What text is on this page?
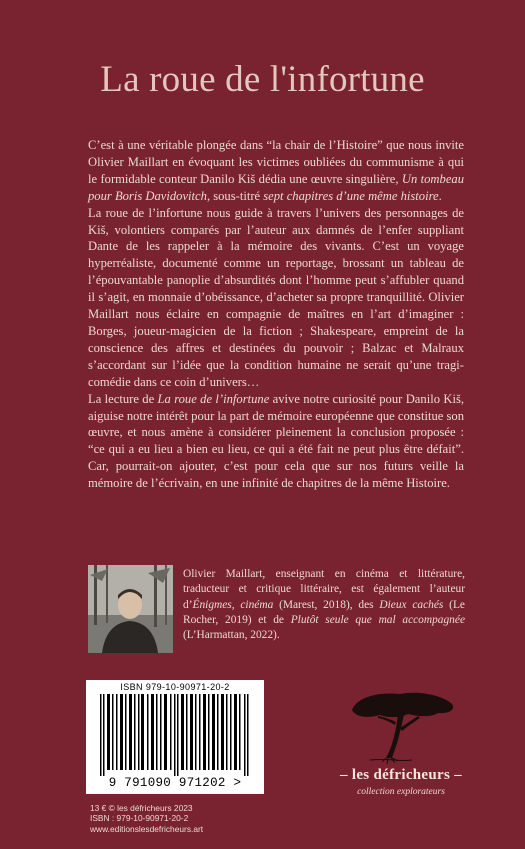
La roue de l'infortune

C’est à une véritable plongée dans “la chair de l’Histoire” que nous invite Olivier Maillart en évoquant les victimes oubliées du communisme à qui le formidable conteur Danilo Kiš dédia une œuvre singulière, Un tombeau pour Boris Davidovitch, sous-titré sept chapitres d’une même histoire.

La roue de l’infortune nous guide à travers l’univers des personnages de Kiš, volontiers comparés par l’auteur aux damnés de l’enfer suppliant Dante de les rappeler à la mémoire des vivants. C’est un voyage hyperréaliste, documenté comme un reportage, brossant un tableau de l’épouvantable panoplie d’absurdités dont l’homme peut s’affubler quand il s’agit, en monnaie d’obéissance, d’acheter sa propre tranquillité. Olivier Maillart nous éclaire en compagnie de maîtres en l’art d’imaginer : Borges, joueur-magicien de la fiction ; Shakespeare, empreint de la conscience des affres et destinées du pouvoir ; Balzac et Malraux s’accordant sur l’idée que la condition humaine ne serait qu’une tragi-comédie dans ce coin d’univers…

La lecture de La roue de l’infortune avive notre curiosité pour Danilo Kiš, aiguise notre intérêt pour la part de mémoire européenne que constitue son œuvre, et nous amène à considérer pleinement la conclusion proposée : “ce qui a eu lieu a bien eu lieu, ce qui a été fait ne peut plus être défait”. Car, pourrait-on ajouter, c’est pour cela que sur nos futurs veille la mémoire de l’écrivain, en une infinité de chapitres de la même Histoire.

Olivier Maillart, enseignant en cinéma et littérature, traducteur et critique littéraire, est également l’auteur d’Énigmes, cinéma (Marest, 2018), des Dieux cachés (Le Rocher, 2019) et de Plutôt seule que mal accompagnée (L’Harmattan, 2022).

ISBN 979-10-90971-20-2
9 791090 971202 >
13 € © les défricheurs 2023
ISBN : 979-10-90971-20-2
www.editionslesdefricheurs.art
– les défricheurs –
collection explorateurs
